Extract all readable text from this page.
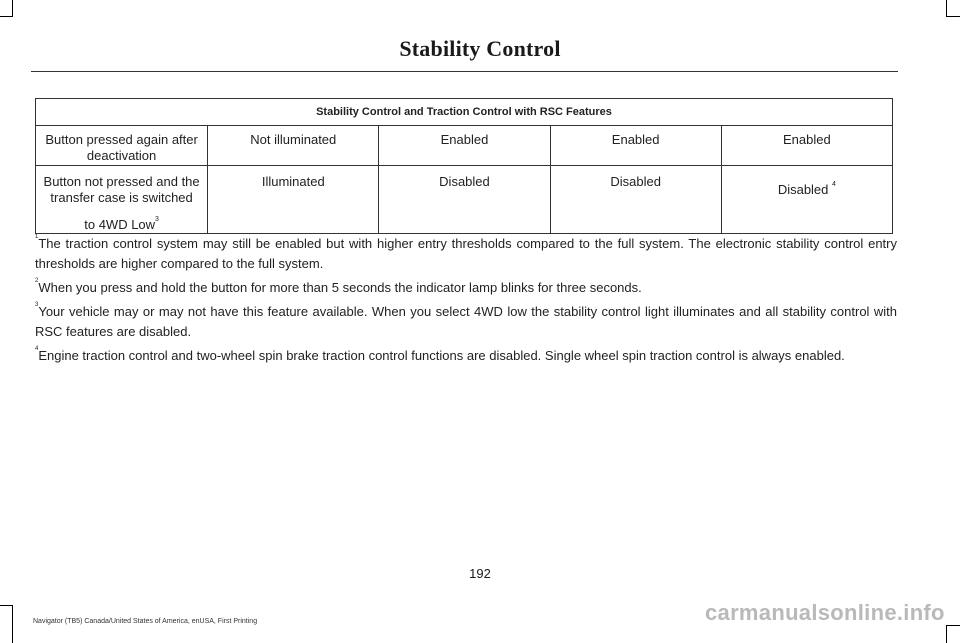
Stability Control
Stability Control and Traction Control with RSC Features				
Button pressed again after deactivation	Not illuminated	Enabled	Enabled	Enabled
Button not pressed and the transfer case is switched
to 4WD Low$^3$	Illuminated	Disabled	Disabled	Disabled $^4$

$^1$The traction control system may still be enabled but with higher entry thresholds compared to the full system. The electronic stability control entry thresholds are higher compared to the full system.

$^2$When you press and hold the button for more than 5 seconds the indicator lamp blinks for three seconds.

$^3$Your vehicle may or may not have this feature available. When you select 4WD low the stability control light illuminates and all stability control with RSC features are disabled.

$^4$Engine traction control and two-wheel spin brake traction control functions are disabled. Single wheel spin traction control is always enabled.

192
Navigator (TB5) Canada/United States of America, enUSA, First Printing	carmanualsonline.info
